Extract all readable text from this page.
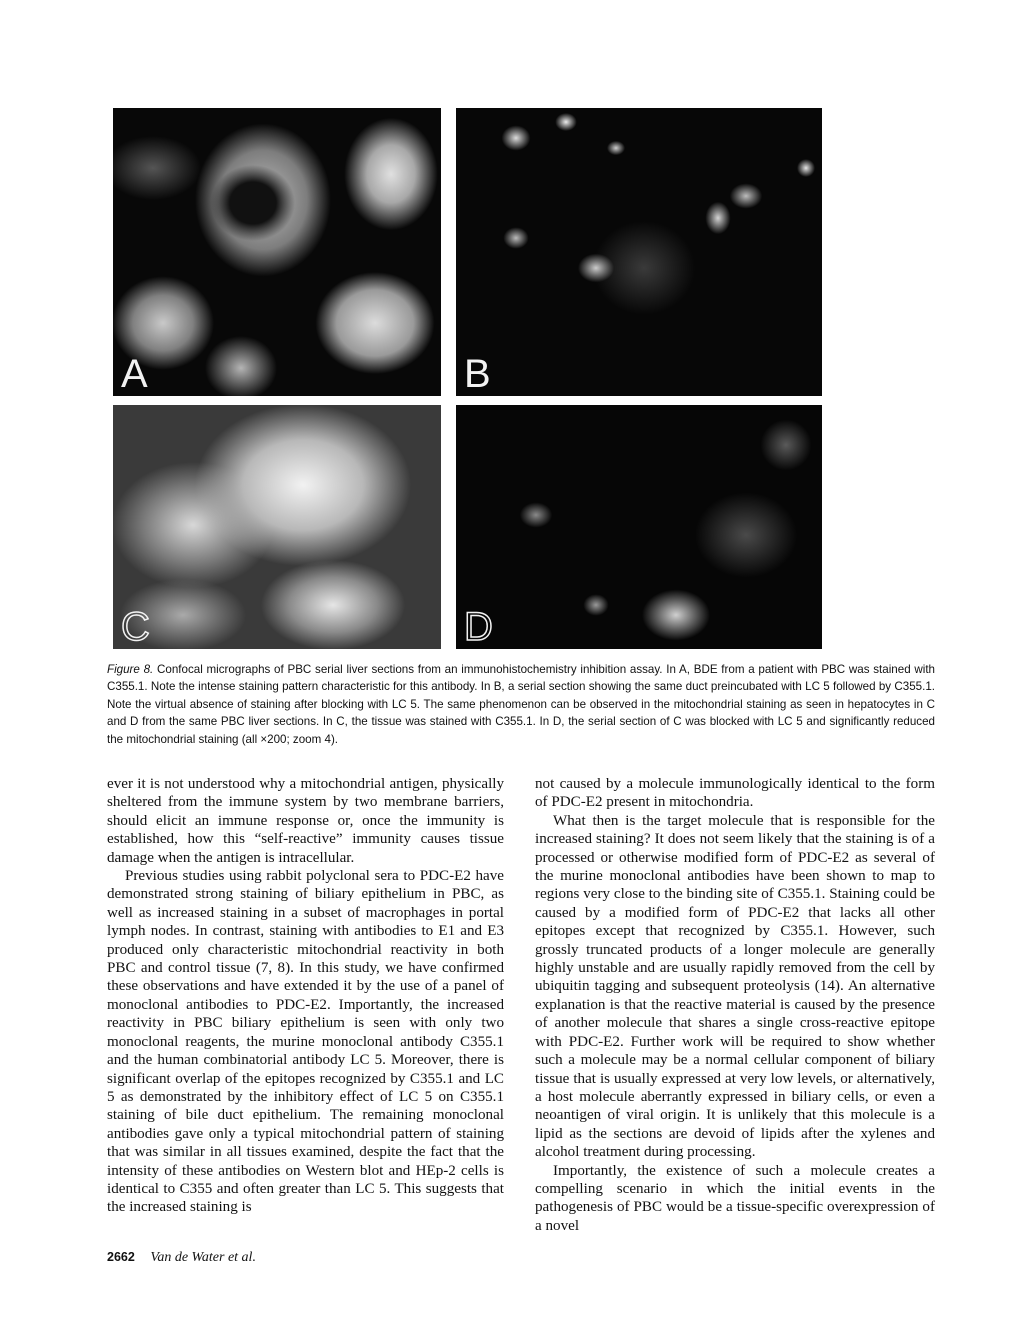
A	B
C	D

Figure 8. Confocal micrographs of PBC serial liver sections from an immunohistochemistry inhibition assay. In A, BDE from a patient with PBC was stained with C355.1. Note the intense staining pattern characteristic for this antibody. In B, a serial section showing the same duct preincubated with LC 5 followed by C355.1. Note the virtual absence of staining after blocking with LC 5. The same phenomenon can be observed in the mitochondrial staining as seen in hepatocytes in C and D from the same PBC liver sections. In C, the tissue was stained with C355.1. In D, the serial section of C was blocked with LC 5 and significantly reduced the mitochondrial staining (all ×200; zoom 4).

ever it is not understood why a mitochondrial antigen, physically sheltered from the immune system by two membrane barriers, should elicit an immune response or, once the immunity is established, how this “self-reactive” immunity causes tissue damage when the antigen is intracellular.

Previous studies using rabbit polyclonal sera to PDC-E2 have demonstrated strong staining of biliary epithelium in PBC, as well as increased staining in a subset of macrophages in portal lymph nodes. In contrast, staining with antibodies to E1 and E3 produced only characteristic mitochondrial reactivity in both PBC and control tissue (7, 8). In this study, we have confirmed these observations and have extended it by the use of a panel of monoclonal antibodies to PDC-E2. Importantly, the increased reactivity in PBC biliary epithelium is seen with only two monoclonal reagents, the murine monoclonal antibody C355.1 and the human combinatorial antibody LC 5. Moreover, there is significant overlap of the epitopes recognized by C355.1 and LC 5 as demonstrated by the inhibitory effect of LC 5 on C355.1 staining of bile duct epithelium. The remaining monoclonal antibodies gave only a typical mitochondrial pattern of staining that was similar in all tissues examined, despite the fact that the intensity of these antibodies on Western blot and HEp-2 cells is identical to C355 and often greater than LC 5. This suggests that the increased staining is

not caused by a molecule immunologically identical to the form of PDC-E2 present in mitochondria.

What then is the target molecule that is responsible for the increased staining? It does not seem likely that the staining is of a processed or otherwise modified form of PDC-E2 as several of the murine monoclonal antibodies have been shown to map to regions very close to the binding site of C355.1. Staining could be caused by a modified form of PDC-E2 that lacks all other epitopes except that recognized by C355.1. However, such grossly truncated products of a longer molecule are generally highly unstable and are usually rapidly removed from the cell by ubiquitin tagging and subsequent proteolysis (14). An alternative explanation is that the reactive material is caused by the presence of another molecule that shares a single cross-reactive epitope with PDC-E2. Further work will be required to show whether such a molecule may be a normal cellular component of biliary tissue that is usually expressed at very low levels, or alternatively, a host molecule aberrantly expressed in biliary cells, or even a neoantigen of viral origin. It is unlikely that this molecule is a lipid as the sections are devoid of lipids after the xylenes and alcohol treatment during processing.

Importantly, the existence of such a molecule creates a compelling scenario in which the initial events in the pathogenesis of PBC would be a tissue-specific overexpression of a novel

2662 Van de Water et al.
